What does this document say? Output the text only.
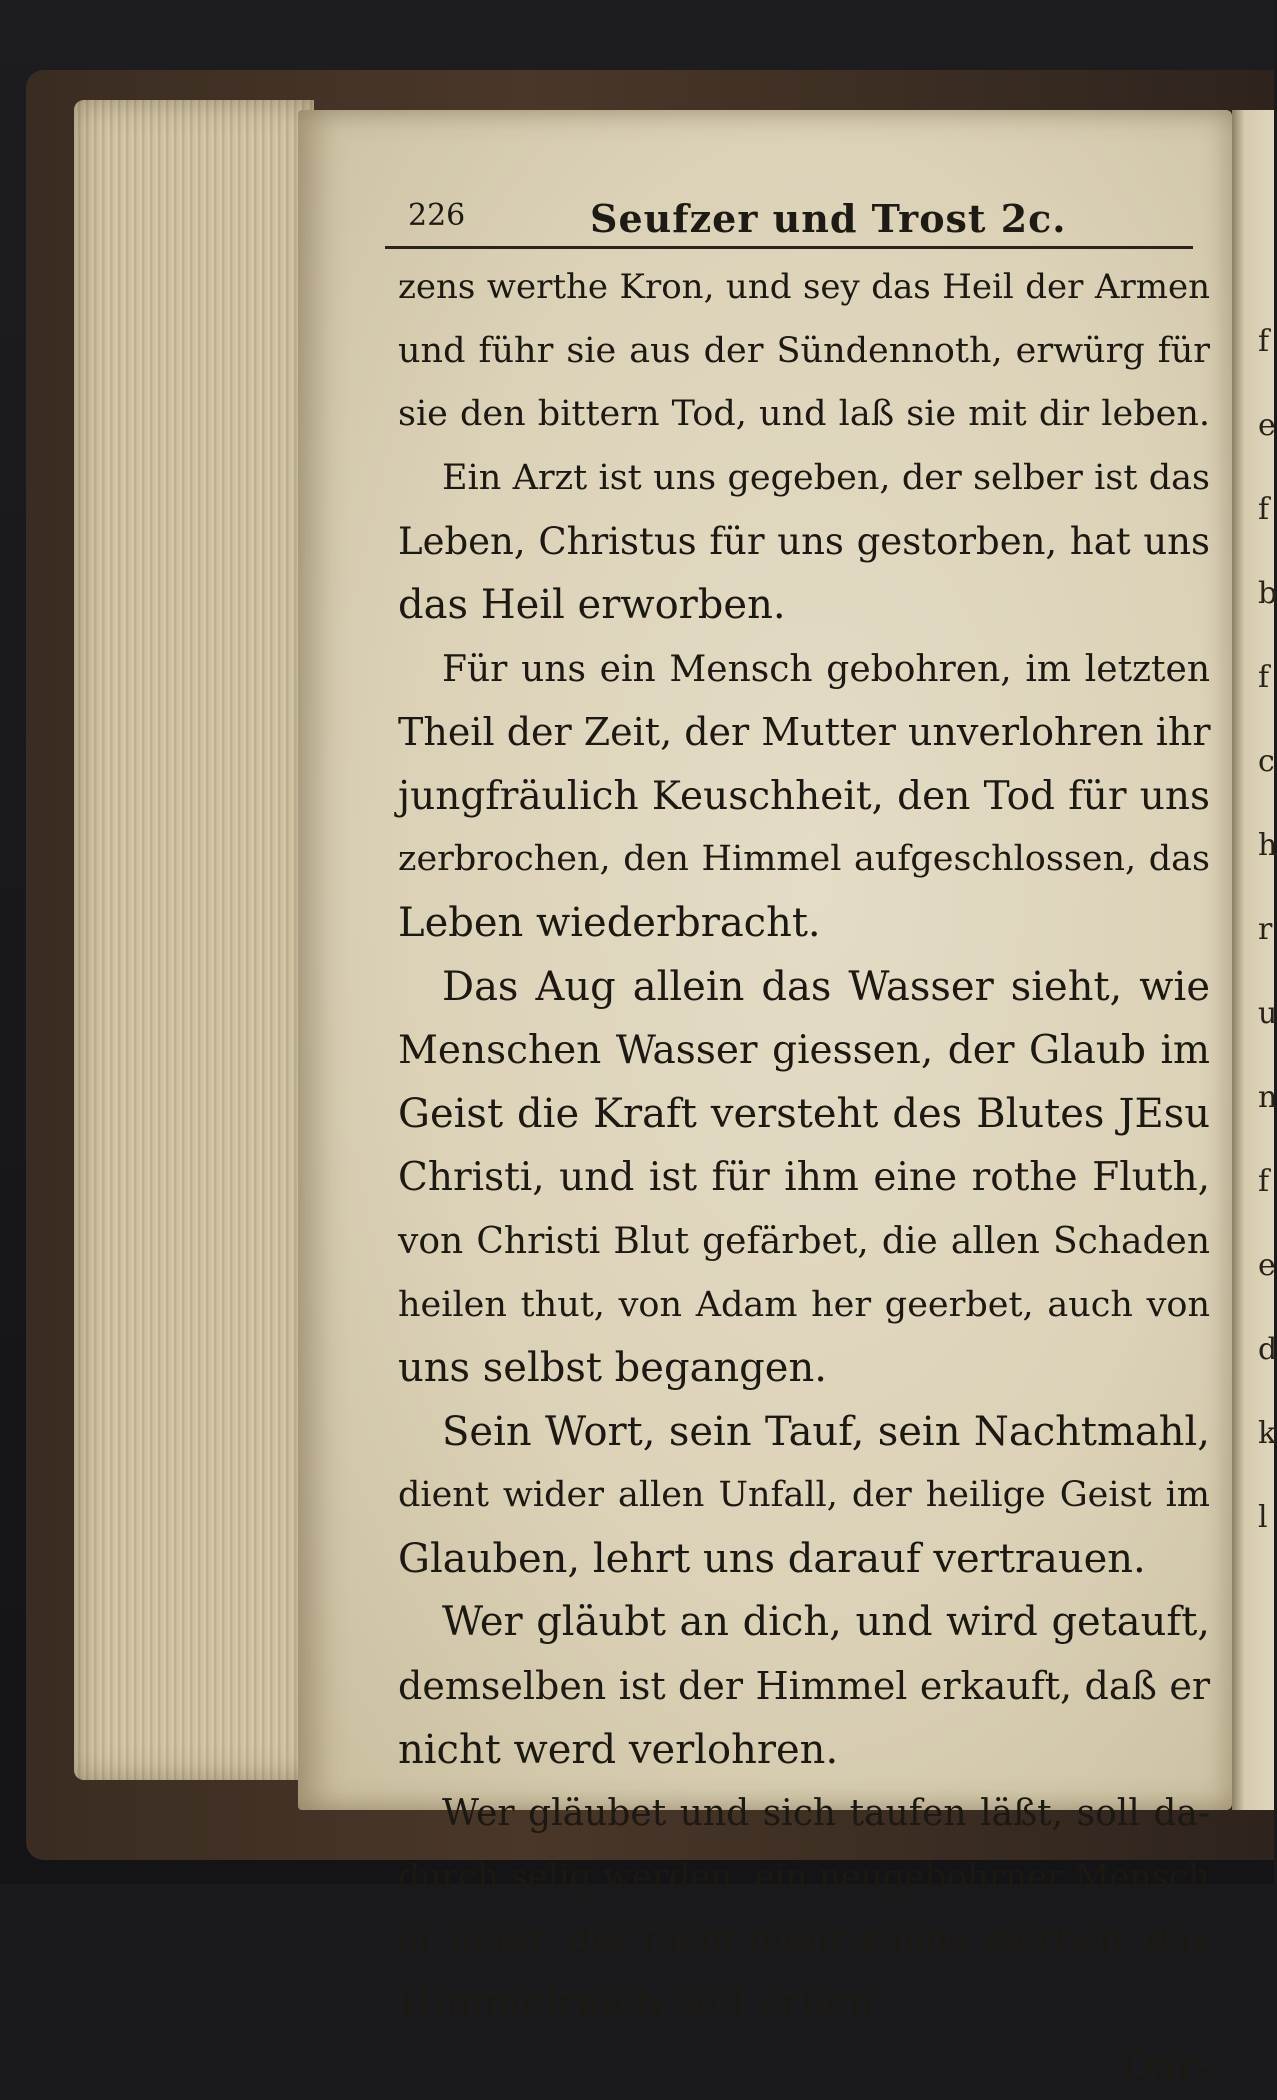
f
e
f
b
f
c
h
r
u
n
f
e
d
k
l
226	Seufzer und Trost 2c.
zens werthe Kron, und sey das Heil der Armen
und führ sie aus der Sündennoth, erwürg für
sie den bittern Tod, und laß sie mit dir leben.
Ein Arzt ist uns gegeben, der selber ist das
Leben, Christus für uns gestorben, hat uns
das Heil erworben.
Für uns ein Mensch gebohren, im letzten
Theil der Zeit, der Mutter unverlohren ihr
jungfräulich Keuschheit, den Tod für uns
zerbrochen, den Himmel aufgeschlossen, das
Leben wiederbracht.
Das Aug allein das Wasser sieht, wie
Menschen Wasser giessen, der Glaub im
Geist die Kraft versteht des Blutes JEsu
Christi, und ist für ihm eine rothe Fluth,
von Christi Blut gefärbet, die allen Schaden
heilen thut, von Adam her geerbet, auch von
uns selbst begangen.
Sein Wort, sein Tauf, sein Nachtmahl,
dient wider allen Unfall, der heilige Geist im
Glauben, lehrt uns darauf vertrauen.
Wer gläubt an dich, und wird getauft,
demselben ist der Himmel erkauft, daß er
nicht werd verlohren.
Wer gläubet und sich taufen läßt, soll da-
durch selig werden, ein neugebohrner Mensch
er heißt, der nicht mehr könne sterben, das
Himmelreich soll erben.
Dar-
